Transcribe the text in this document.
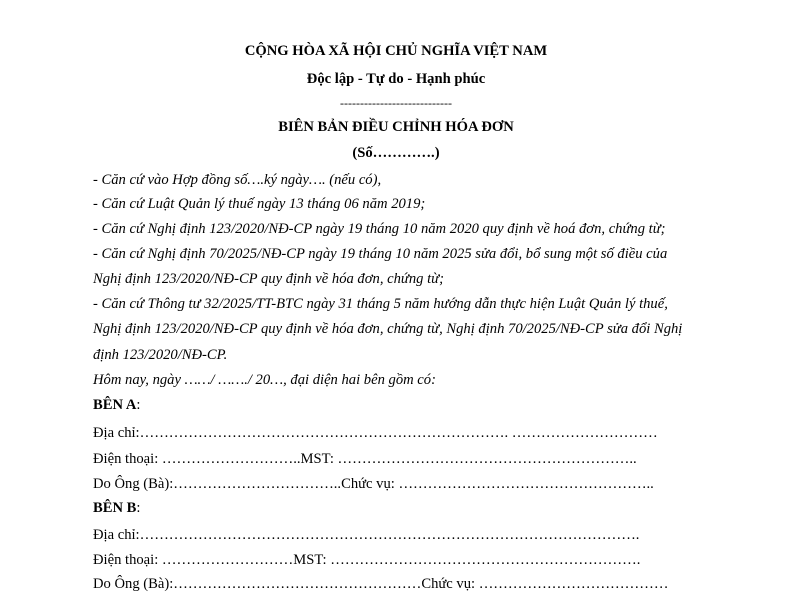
CỘNG HÒA XÃ HỘI CHỦ NGHĨA VIỆT NAM
Độc lập - Tự do - Hạnh phúc
----------------------------
BIÊN BẢN ĐIỀU CHỈNH HÓA ĐƠN
(Số………….)
- Căn cứ vào Hợp đồng số….ký ngày…. (nếu có),
- Căn cứ Luật Quản lý thuế ngày 13 tháng 06 năm 2019;
- Căn cứ Nghị định 123/2020/NĐ-CP ngày 19 tháng 10 năm 2020 quy định về hoá đơn, chứng từ;
- Căn cứ Nghị định 70/2025/NĐ-CP ngày 19 tháng 10 năm 2025 sửa đổi, bổ sung một số điều của
Nghị định 123/2020/NĐ-CP quy định về hóa đơn, chứng từ;
- Căn cứ Thông tư 32/2025/TT-BTC ngày 31 tháng 5 năm hướng dẫn thực hiện Luật Quản lý thuế,
Nghị định 123/2020/NĐ-CP quy định về hóa đơn, chứng từ, Nghị định 70/2025/NĐ-CP sửa đổi Nghị
định 123/2020/NĐ-CP.
Hôm nay, ngày ……/ ……./ 20…, đại diện hai bên gồm có:
BÊN A:
Địa chỉ:…………………………………………………………………. …………………………
Điện thoại: ………………………..MST: ……………………………………………………..
Do Ông (Bà):……………………………..Chức vụ: ……………………………………………..
BÊN B:
Địa chỉ:………………………………………………………………………………………….
Điện thoại: ………………………MST: ……………………………………………………….
Do Ông (Bà):……………………………………………Chức vụ: …………………………………
